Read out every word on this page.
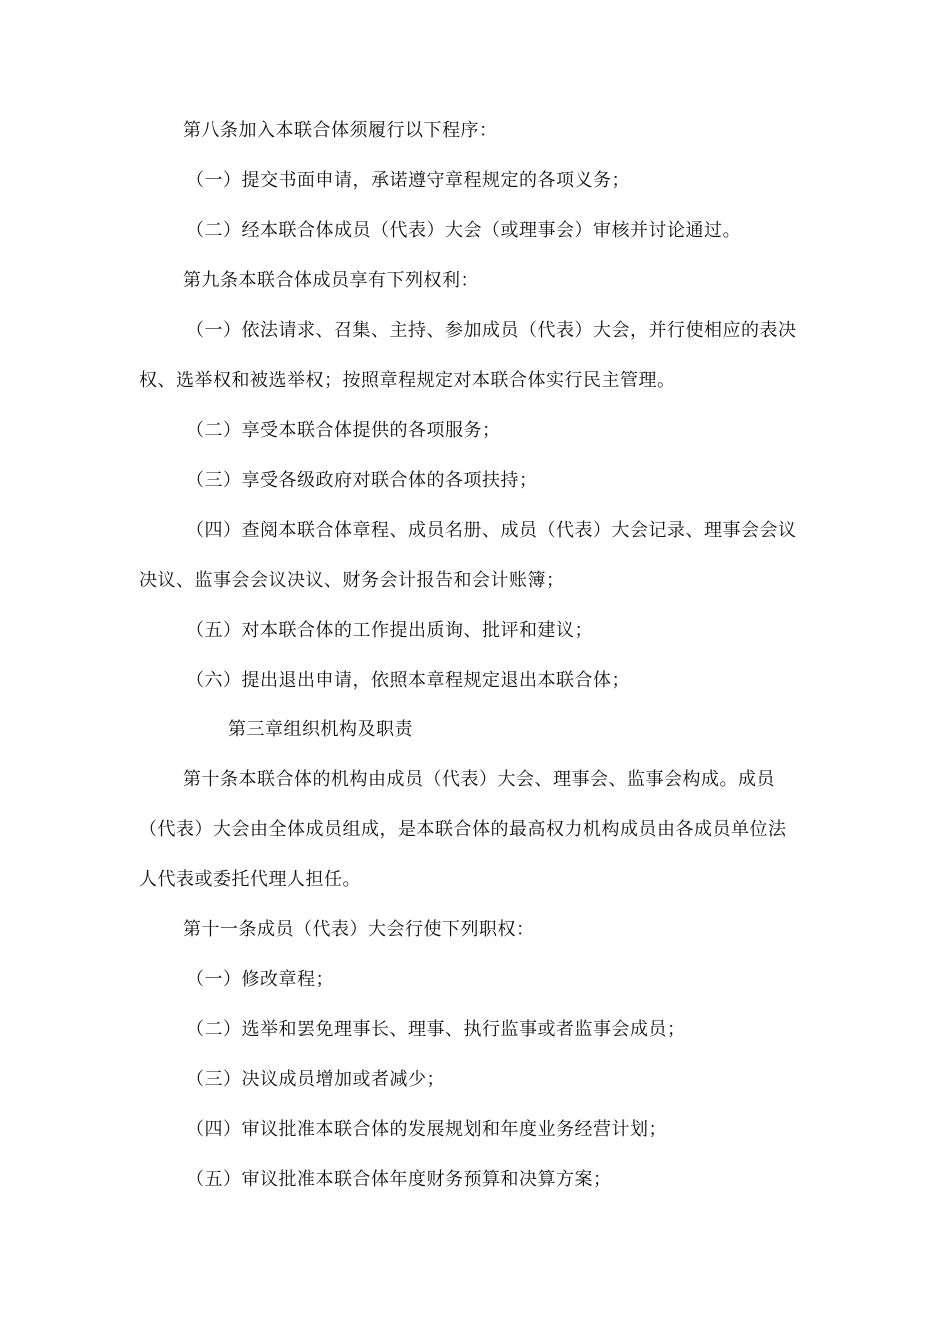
第八条加入本联合体须履行以下程序：
（一）提交书面申请，承诺遵守章程规定的各项义务；
（二）经本联合体成员（代表）大会（或理事会）审核并讨论通过。
第九条本联合体成员享有下列权利：
（一）依法请求、召集、主持、参加成员（代表）大会，并行使相应的表决
权、选举权和被选举权；按照章程规定对本联合体实行民主管理。
（二）享受本联合体提供的各项服务；
（三）享受各级政府对联合体的各项扶持；
（四）查阅本联合体章程、成员名册、成员（代表）大会记录、理事会会议
决议、监事会会议决议、财务会计报告和会计账簿；
（五）对本联合体的工作提出质询、批评和建议；
（六）提出退出申请，依照本章程规定退出本联合体；
第三章组织机构及职责
第十条本联合体的机构由成员（代表）大会、理事会、监事会构成。成员
（代表）大会由全体成员组成，是本联合体的最高权力机构成员由各成员单位法
人代表或委托代理人担任。
第十一条成员（代表）大会行使下列职权：
（一）修改章程；
（二）选举和罢免理事长、理事、执行监事或者监事会成员；
（三）决议成员增加或者减少；
（四）审议批准本联合体的发展规划和年度业务经营计划；
（五）审议批准本联合体年度财务预算和决算方案；
